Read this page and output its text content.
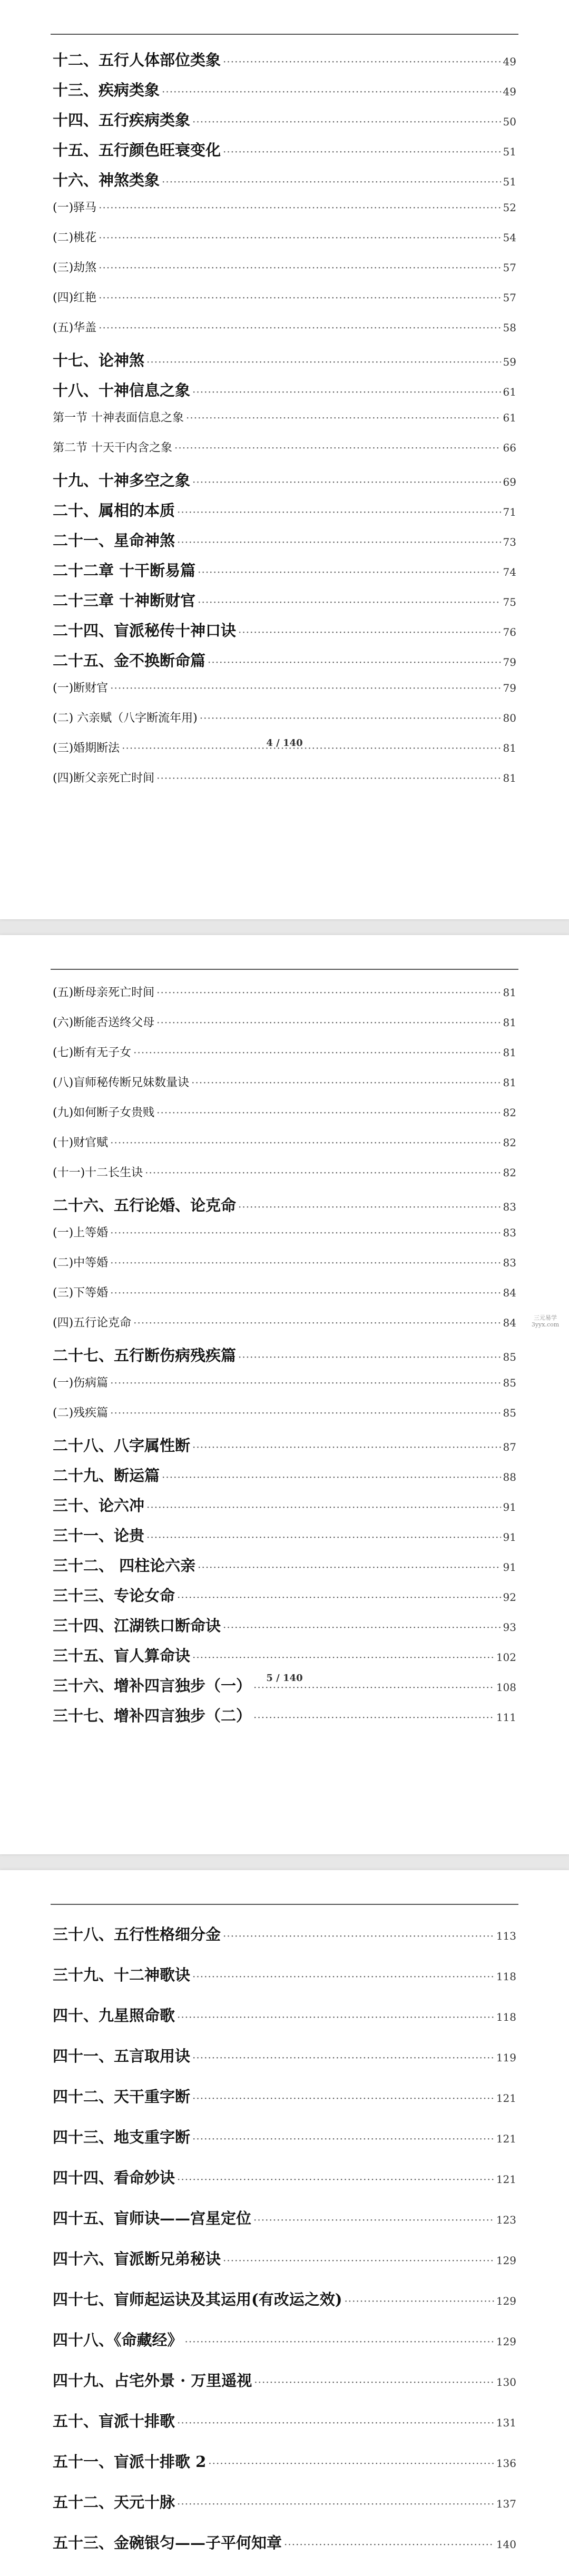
十二、五行人体部位类象 ·····	49
十三、疾病类象 ·····	49
十四、五行疾病类象 ·····	50
十五、五行颜色旺衰变化 ·····	51
十六、神煞类象 ·····	51
(一)驿马 ·····	52
(二)桃花 ·····	54
(三)劫煞 ·····	57
(四)红艳 ·····	57
(五)华盖 ·····	58
十七、论神煞 ·····	59
十八、十神信息之象 ·····	61
第一节 十神表面信息之象 ·····	61
第二节 十天干内含之象 ·····	66
十九、十神多空之象 ·····	69
二十、属相的本质 ·····	71
二十一、星命神煞 ·····	73
二十二章 十干断易篇 ·····	74
二十三章 十神断财官 ·····	75
二十四、盲派秘传十神口诀 ·····	76
二十五、金不换断命篇 ·····	79
(一)断财官 ·····	79
(二) 六亲赋（八字断流年用) ·····	80
(三)婚期断法 ·····	81
(四)断父亲死亡时间 ·····	81
4 / 140
(五)断母亲死亡时间 ·····	81
(六)断能否送终父母 ·····	81
(七)断有无子女 ·····	81
(八)盲师秘传断兄妹数量诀 ·····	81
(九)如何断子女贵贱 ·····	82
(十)财官赋 ·····	82
(十一)十二长生诀 ·····	82
二十六、五行论婚、论克命 ·····	83
(一)上等婚 ·····	83
(二)中等婚 ·····	83
(三)下等婚 ·····	84
(四)五行论克命 ·····	84
二十七、五行断伤病残疾篇 ·····	85
(一)伤病篇 ·····	85
(二)残疾篇 ·····	85
二十八、八字属性断 ·····	87
二十九、断运篇 ·····	88
三十、论六冲 ·····	91
三十一、论贵 ·····	91
三十二、 四柱论六亲 ·····	91
三十三、专论女命 ·····	92
三十四、江湖铁口断命诀 ·····	93
三十五、盲人算命诀 ·····	102
三十六、增补四言独步（一） ·····	108
三十七、增补四言独步（二） ·····	111
5 / 140
三十八、五行性格细分金 ·····	113
三十九、十二神歌诀 ·····	118
四十、九星照命歌 ·····	118
四十一、五言取用诀 ·····	119
四十二、天干重字断 ·····	121
四十三、地支重字断 ·····	121
四十四、看命妙诀 ·····	121
四十五、盲师诀——宫星定位 ·····	123
四十六、盲派断兄弟秘诀 ·····	129
四十七、盲师起运诀及其运用(有改运之效) ·····	129
四十八、《命藏经》 ·····	129
四十九、占宅外景 · 万里遥视 ·····	130
五十、盲派十排歌 ·····	131
五十一、盲派十排歌 2 ·····	136
五十二、天元十脉 ·····	137
五十三、金碗银匀——子平何知章 ·····	140
三元易学
3yyx.com
